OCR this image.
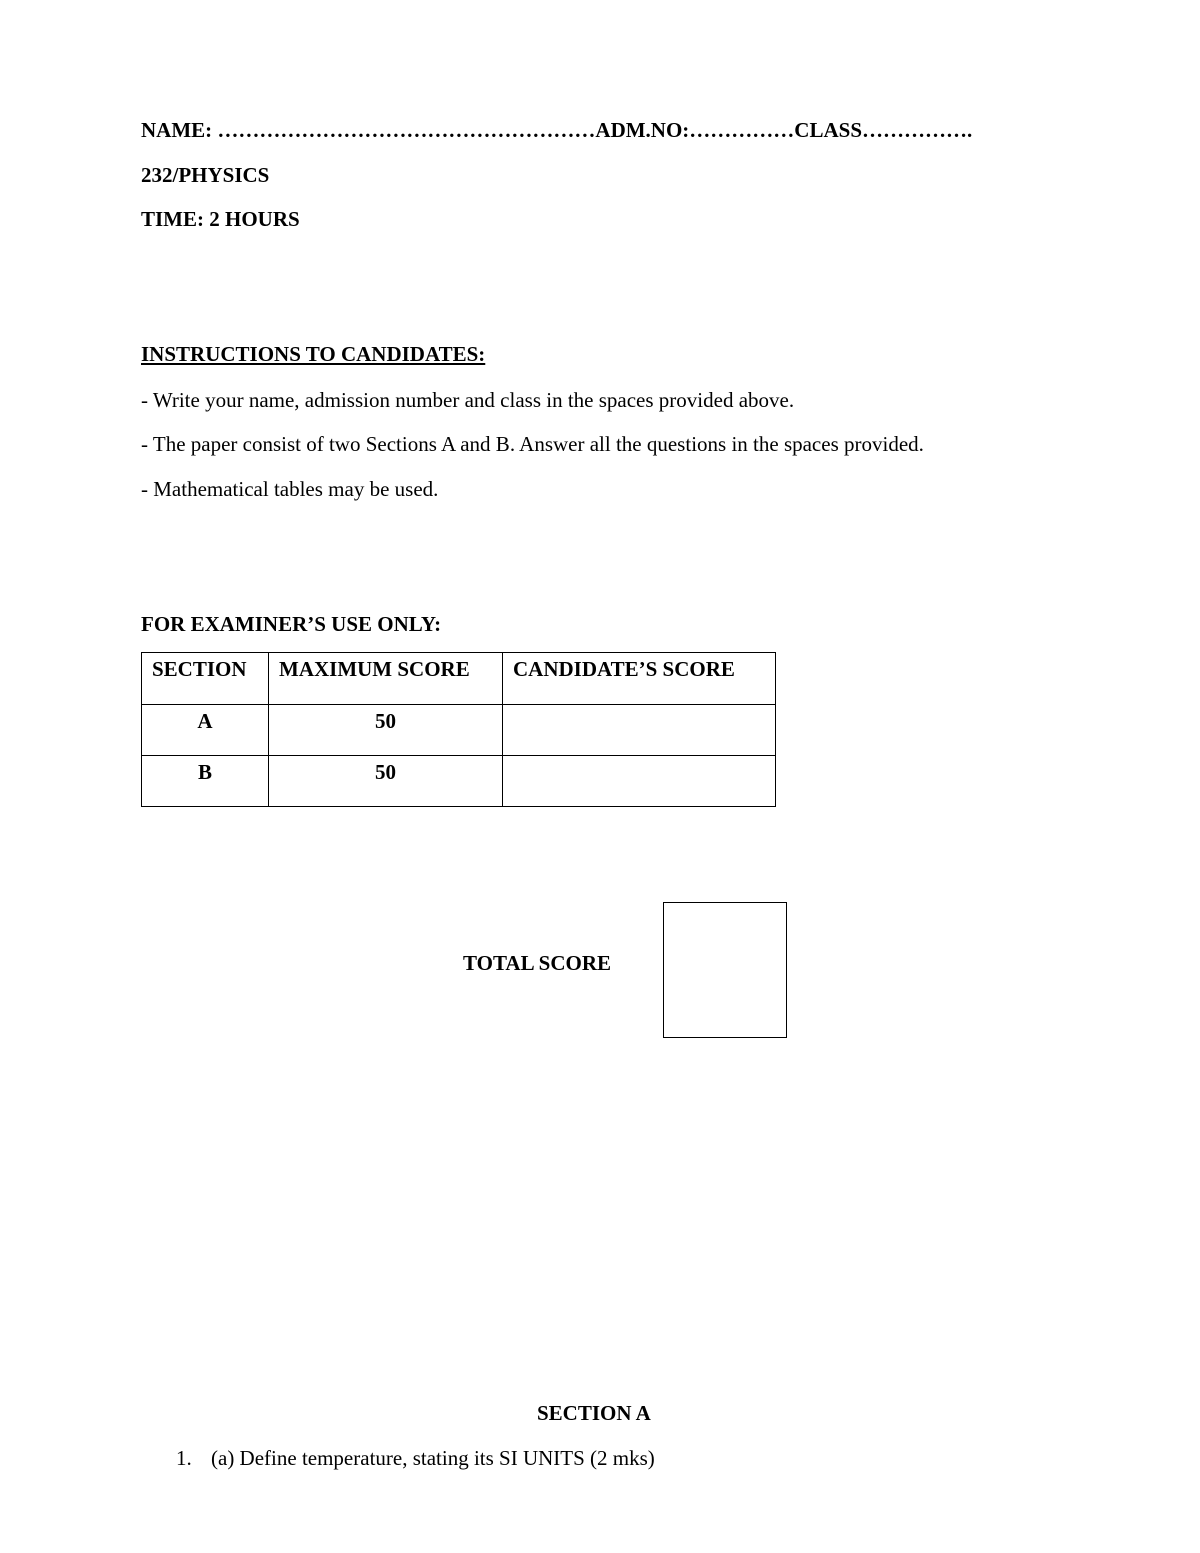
NAME: ………………………………………………ADM.NO:……………CLASS…………….
232/PHYSICS
TIME: 2 HOURS
INSTRUCTIONS TO CANDIDATES:
- Write your name, admission number and class in the spaces provided above.
- The paper consist of two Sections A and B. Answer all the questions in the spaces provided.
- Mathematical tables may be used.
FOR EXAMINER’S USE ONLY:
SECTION	MAXIMUM SCORE	CANDIDATE’S SCORE
A	50	
B	50	
TOTAL SCORE
SECTION A
1. (a) Define temperature, stating its SI UNITS (2 mks)
